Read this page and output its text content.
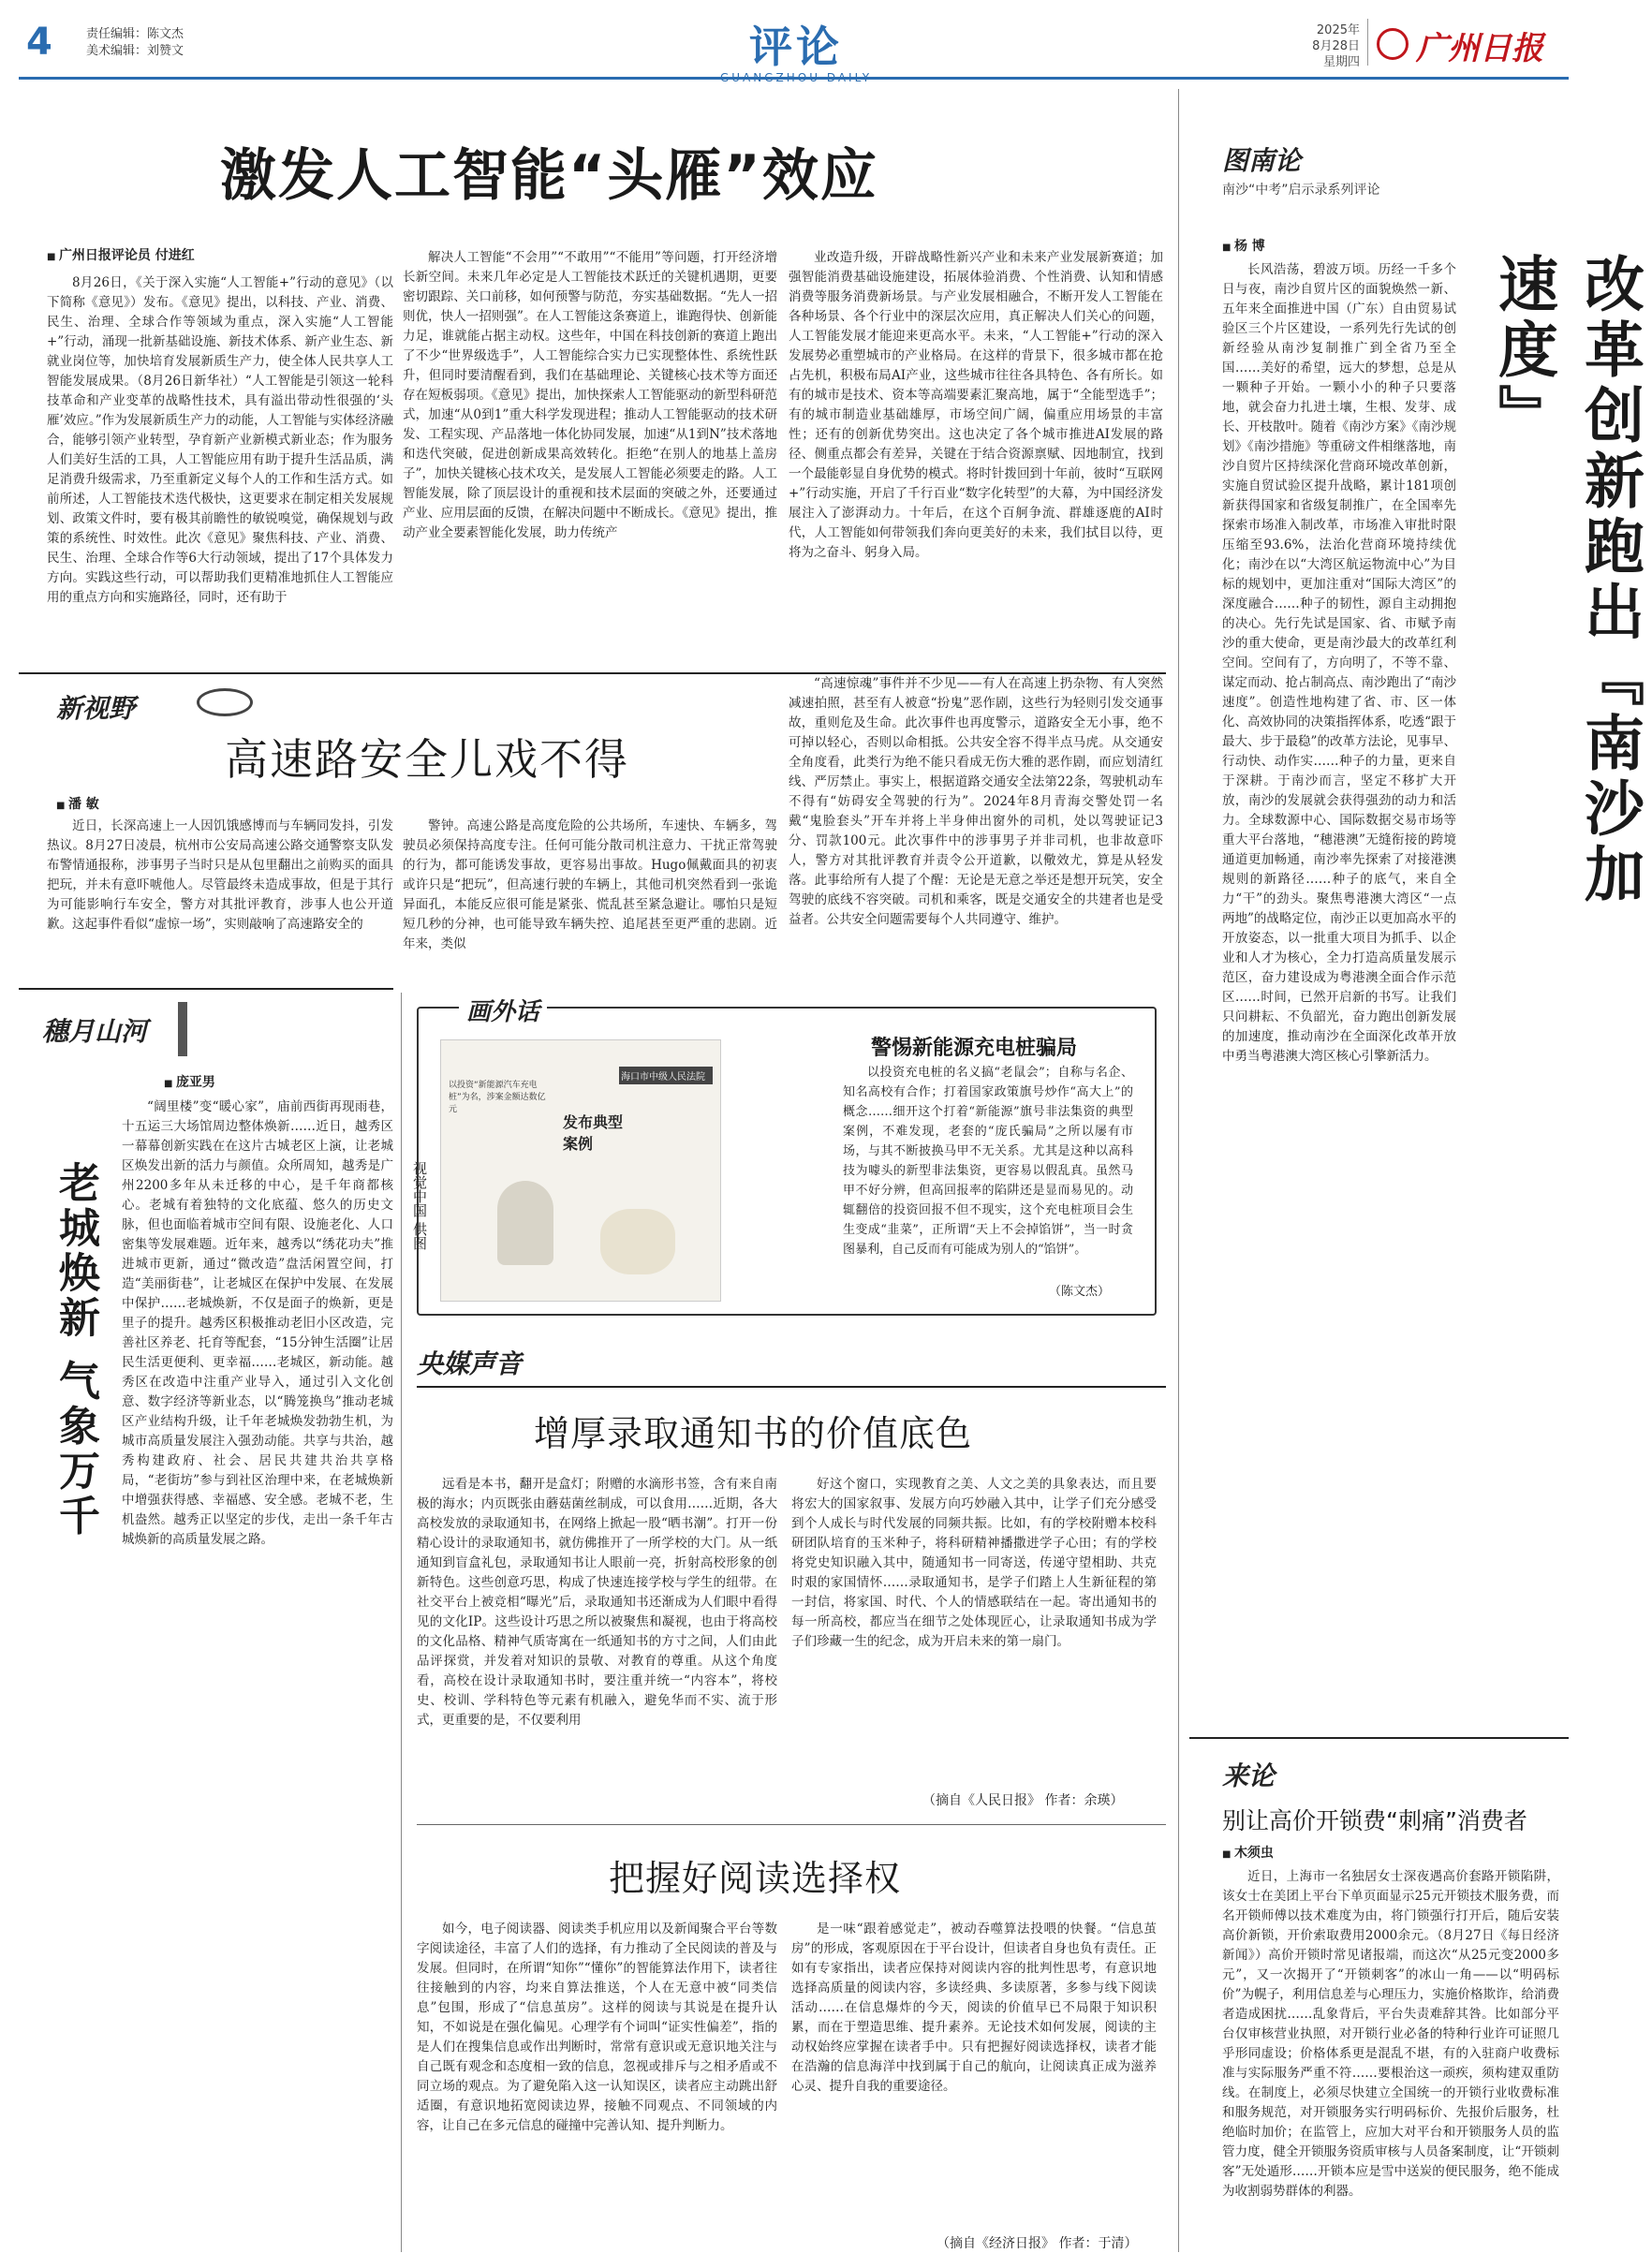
4	责任编辑：陈文杰
美术编辑：刘赞文	评论	2025年
8月28日
星期四 广州日报
激发人工智能“头雁”效应
■ 广州日报评论员 付进红
8月26日，《关于深入实施“人工智能+”行动的意见》（以下简称《意见》）发布。《意见》提出，以科技、产业、消费、民生、治理、全球合作等领域为重点，深入实施“人工智能+”行动，涌现一批新基础设施、新技术体系、新产业生态、新就业岗位等，加快培育发展新质生产力，使全体人民共享人工智能发展成果。（8月26日新华社）“人工智能是引领这一轮科技革命和产业变革的战略性技术，具有溢出带动性很强的‘头雁’效应。”作为发展新质生产力的动能，人工智能与实体经济融合，能够引领产业转型，孕育新产业新模式新业态；作为服务人们美好生活的工具，人工智能应用有助于提升生活品质，满足消费升级需求，乃至重新定义每个人的工作和生活方式。如前所述，人工智能技术迭代极快，这更要求在制定相关发展规划、政策文件时，要有极其前瞻性的敏锐嗅觉，确保规划与政策的系统性、时效性。此次《意见》聚焦科技、产业、消费、民生、治理、全球合作等6大行动领域，提出了17个具体发力方向。实践这些行动，可以帮助我们更精准地抓住人工智能应用的重点方向和实施路径，同时，还有助于
解决人工智能“不会用”“不敢用”“不能用”等问题，打开经济增长新空间。未来几年必定是人工智能技术跃迁的关键机遇期，更要密切跟踪、关口前移，如何预警与防范，夯实基础数据。“先人一招则优，快人一招则强”。在人工智能这条赛道上，谁跑得快、创新能力足，谁就能占据主动权。这些年，中国在科技创新的赛道上跑出了不少“世界级选手”，人工智能综合实力已实现整体性、系统性跃升，但同时要清醒看到，我们在基础理论、关键核心技术等方面还存在短板弱项。《意见》提出，加快探索人工智能驱动的新型科研范式，加速“从0到1”重大科学发现进程；推动人工智能驱动的技术研发、工程实现、产品落地一体化协同发展，加速“从1到N”技术落地和迭代突破，促进创新成果高效转化。拒绝“在别人的地基上盖房子”，加快关键核心技术攻关，是发展人工智能必须要走的路。人工智能发展，除了顶层设计的重视和技术层面的突破之外，还要通过产业、应用层面的反馈，在解决问题中不断成长。《意见》提出，推动产业全要素智能化发展，助力传统产
业改造升级，开辟战略性新兴产业和未来产业发展新赛道；加强智能消费基础设施建设，拓展体验消费、个性消费、认知和情感消费等服务消费新场景。与产业发展相融合，不断开发人工智能在各种场景、各个行业中的深层次应用，真正解决人们关心的问题，人工智能发展才能迎来更高水平。未来，“人工智能+”行动的深入发展势必重塑城市的产业格局。在这样的背景下，很多城市都在抢占先机，积极布局AI产业，这些城市往往各具特色、各有所长。如有的城市是技术、资本等高端要素汇聚高地，属于“全能型选手”；有的城市制造业基础雄厚，市场空间广阔，偏重应用场景的丰富性；还有的创新优势突出。这也决定了各个城市推进AI发展的路径、侧重点都会有差异，关键在于结合资源禀赋、因地制宜，找到一个最能彰显自身优势的模式。将时针拨回到十年前，彼时“互联网+”行动实施，开启了千行百业“数字化转型”的大幕，为中国经济发展注入了澎湃动力。十年后，在这个百舸争流、群雄逐鹿的AI时代，人工智能如何带领我们奔向更美好的未来，我们拭目以待，更将为之奋斗、躬身入局。
图南论
南沙“中考”启示录系列评论
■ 杨 博
长风浩荡，碧波万顷。历经一千多个日与夜，南沙自贸片区的面貌焕然一新、五年来全面推进中国（广东）自由贸易试验区三个片区建设，一系列先行先试的创新经验从南沙复制推广到全省乃至全国……美好的希望，远大的梦想，总是从一颗种子开始。一颗小小的种子只要落地，就会奋力扎进土壤，生根、发芽、成长、开枝散叶。随着《南沙方案》《南沙规划》《南沙措施》等重磅文件相继落地，南沙自贸片区持续深化营商环境改革创新，实施自贸试验区提升战略，累计181项创新获得国家和省级复制推广，在全国率先探索市场准入制改革，市场准入审批时限压缩至93.6%，法治化营商环境持续优化；南沙在以“大湾区航运物流中心”为目标的规划中，更加注重对“国际大湾区”的深度融合……种子的韧性，源自主动拥抱的决心。先行先试是国家、省、市赋予南沙的重大使命，更是南沙最大的改革红利空间。空间有了，方向明了，不等不靠、谋定而动、抢占制高点、南沙跑出了“南沙速度”。创造性地构建了省、市、区一体化、高效协同的决策指挥体系，吃透“跟于最大、步于最稳”的改革方法论，见事早、行动快、动作实……种子的力量，更来自于深耕。于南沙而言，坚定不移扩大开放，南沙的发展就会获得强劲的动力和活力。全球数源中心、国际数据交易市场等重大平台落地，“穗港澳”无缝衔接的跨境通道更加畅通，南沙率先探索了对接港澳规则的新路径……种子的底气，来自全力“干”的劲头。聚焦粤港澳大湾区“一点两地”的战略定位，南沙正以更加高水平的开放姿态，以一批重大项目为抓手、以企业和人才为核心，全力打造高质量发展示范区，奋力建设成为粤港澳全面合作示范区……时间，已然开启新的书写。让我们只问耕耘、不负韶光，奋力跑出创新发展的加速度，推动南沙在全面深化改革开放中勇当粤港澳大湾区核心引擎新活力。
改革创新跑出『南沙加速度』
新视野
高速路安全儿戏不得
■ 潘 敏
近日，长深高速上一人因饥饿感博而与车辆同发抖，引发热议。8月27日凌晨，杭州市公安局高速公路交通警察支队发布警情通报称，涉事男子当时只是从包里翻出之前购买的面具把玩，并未有意吓唬他人。尽管最终未造成事故，但是于其行为可能影响行车安全，警方对其批评教育，涉事人也公开道歉。这起事件看似“虚惊一场”，实则敲响了高速路安全的
警钟。高速公路是高度危险的公共场所，车速快、车辆多，驾驶员必须保持高度专注。任何可能分散司机注意力、干扰正常驾驶的行为，都可能诱发事故，更容易出事故。Hugo佩戴面具的初衷或许只是“把玩”，但高速行驶的车辆上，其他司机突然看到一张诡异面孔，本能反应很可能是紧张、慌乱甚至紧急避让。哪怕只是短短几秒的分神，也可能导致车辆失控、追尾甚至更严重的悲剧。近年来，类似
“高速惊魂”事件并不少见——有人在高速上扔杂物、有人突然减速拍照，甚至有人被意“扮鬼”恶作剧，这些行为轻则引发交通事故，重则危及生命。此次事件也再度警示，道路安全无小事，绝不可掉以轻心，否则以命相抵。公共安全容不得半点马虎。从交通安全角度看，此类行为绝不能只看成无伤大雅的恶作剧，而应划清红线、严厉禁止。事实上，根据道路交通安全法第22条，驾驶机动车不得有“妨碍安全驾驶的行为”。2024年8月青海交警处罚一名戴“鬼脸套头”开车并将上半身伸出窗外的司机，处以驾驶证记3分、罚款100元。此次事件中的涉事男子并非司机，也非故意吓人，警方对其批评教育并责令公开道歉，以儆效尤，算是从轻发落。此事给所有人提了个醒：无论是无意之举还是想开玩笑，安全驾驶的底线不容突破。司机和乘客，既是交通安全的共建者也是受益者。公共安全问题需要每个人共同遵守、维护。
穗月山河
■ 庞亚男
老城焕新 气象万千
“阔里楼”变“暖心家”，庙前西街再现雨巷，十五运三大场馆周边整体焕新……近日，越秀区一幕幕创新实践在在这片古城老区上演，让老城区焕发出新的活力与颜值。众所周知，越秀是广州2200多年从未迁移的中心，是千年商都核心。老城有着独特的文化底蕴、悠久的历史文脉，但也面临着城市空间有限、设施老化、人口密集等发展难题。近年来，越秀以“绣花功夫”推进城市更新，通过“微改造”盘活闲置空间，打造“美丽街巷”，让老城区在保护中发展、在发展中保护……老城焕新，不仅是面子的焕新，更是里子的提升。越秀区积极推动老旧小区改造，完善社区养老、托育等配套，“15分钟生活圈”让居民生活更便利、更幸福……老城区，新动能。越秀区在改造中注重产业导入，通过引入文化创意、数字经济等新业态，以“腾笼换鸟”推动老城区产业结构升级，让千年老城焕发勃勃生机，为城市高质量发展注入强劲动能。共享与共治，越秀构建政府、社会、居民共建共治共享格局，“老街坊”参与到社区治理中来，在老城焕新中增强获得感、幸福感、安全感。老城不老，生机盎然。越秀正以坚定的步伐，走出一条千年古城焕新的高质量发展之路。
画外话
以投资“新能源汽车充电桩”为名，涉案金额达数亿元
发布典型案例
海口市中级人民法院
视觉中国 供图
警惕新能源充电桩骗局
以投资充电桩的名义搞“老鼠会”；自称与名企、知名高校有合作；打着国家政策旗号炒作“高大上”的概念……细开这个打着“新能源”旗号非法集资的典型案例，不难发现，老套的“庞氏骗局”之所以屡有市场，与其不断披换马甲不无关系。尤其是这种以高科技为噱头的新型非法集资，更容易以假乱真。虽然马甲不好分辨，但高回报率的陷阱还是显而易见的。动辄翻倍的投资回报不但不现实，这个充电桩项目会生生变成“韭菜”，正所谓“天上不会掉馅饼”，当一时贪图暴利，自己反而有可能成为别人的“馅饼”。
（陈文杰）
央媒声音
增厚录取通知书的价值底色
远看是本书，翻开是盒灯；附赠的水滴形书签，含有来自南极的海水；内页既张由蘑菇菌丝制成，可以食用……近期，各大高校发放的录取通知书，在网络上掀起一股“晒书潮”。打开一份精心设计的录取通知书，就仿佛推开了一所学校的大门。从一纸通知到盲盒礼包，录取通知书让人眼前一亮，折射高校形象的创新特色。这些创意巧思，构成了快速连接学校与学生的纽带。在社交平台上被竞相“曝光”后，录取通知书还渐成为人们眼中看得见的文化IP。这些设计巧思之所以被聚焦和凝视，也由于将高校的文化品格、精神气质寄寓在一纸通知书的方寸之间，人们由此品评探赏，并发着对知识的景敬、对教育的尊重。从这个角度看，高校在设计录取通知书时，要注重并统一“内容本”，将校史、校训、学科特色等元素有机融入，避免华而不实、流于形式，更重要的是，不仅要利用
好这个窗口，实现教育之美、人文之美的具象表达，而且要将宏大的国家叙事、发展方向巧妙融入其中，让学子们充分感受到个人成长与时代发展的同频共振。比如，有的学校附赠本校科研团队培育的玉米种子，将科研精神播撒进学子心田；有的学校将党史知识融入其中，随通知书一同寄送，传递守望相助、共克时艰的家国情怀……录取通知书，是学子们踏上人生新征程的第一封信，将家国、时代、个人的情感联结在一起。寄出通知书的每一所高校，都应当在细节之处体现匠心，让录取通知书成为学子们珍藏一生的纪念，成为开启未来的第一扇门。
（摘自《人民日报》 作者：余瑛）
把握好阅读选择权
如今，电子阅读器、阅读类手机应用以及新闻聚合平台等数字阅读途径，丰富了人们的选择，有力推动了全民阅读的普及与发展。但同时，在所谓“知你”“懂你”的智能算法作用下，读者往往接触到的内容，均来自算法推送，个人在无意中被“同类信息”包围，形成了“信息茧房”。这样的阅读与其说是在提升认知，不如说是在强化偏见。心理学有个词叫“证实性偏差”，指的是人们在搜集信息或作出判断时，常常有意识或无意识地关注与自己既有观念和态度相一致的信息，忽视或排斥与之相矛盾或不同立场的观点。为了避免陷入这一认知误区，读者应主动跳出舒适圈，有意识地拓宽阅读边界，接触不同观点、不同领域的内容，让自己在多元信息的碰撞中完善认知、提升判断力。
是一味“跟着感觉走”，被动吞噬算法投喂的快餐。“信息茧房”的形成，客观原因在于平台设计，但读者自身也负有责任。正如有专家指出，读者应保持对阅读内容的批判性思考，有意识地选择高质量的阅读内容，多读经典、多读原著，多参与线下阅读活动……在信息爆炸的今天，阅读的价值早已不局限于知识积累，而在于塑造思维、提升素养。无论技术如何发展，阅读的主动权始终应掌握在读者手中。只有把握好阅读选择权，读者才能在浩瀚的信息海洋中找到属于自己的航向，让阅读真正成为滋养心灵、提升自我的重要途径。
（摘自《经济日报》 作者：于清）
来论
别让高价开锁费“刺痛”消费者
■ 木须虫
近日，上海市一名独居女士深夜遇高价套路开锁陷阱，该女士在美团上平台下单页面显示25元开锁技术服务费，而名开锁师傅以技术难度为由，将门锁强行打开后，随后安装高价新锁，开价索取费用2000余元。（8月27日《每日经济新闻》）高价开锁时常见诸报端，而这次“从25元变2000多元”，又一次揭开了“开锁刺客”的冰山一角——以“明码标价”为幌子，利用信息差与心理压力，实施价格欺诈，给消费者造成困扰……乱象背后，平台失责难辞其咎。比如部分平台仅审核营业执照，对开锁行业必备的特种行业许可证照几乎形同虚设；价格体系更是混乱不堪，有的入驻商户收费标准与实际服务严重不符……要根治这一顽疾，须构建双重防线。在制度上，必须尽快建立全国统一的开锁行业收费标准和服务规范，对开锁服务实行明码标价、先报价后服务，杜绝临时加价；在监管上，应加大对平台和开锁服务人员的监管力度，健全开锁服务资质审核与人员备案制度，让“开锁刺客”无处遁形……开锁本应是雪中送炭的便民服务，绝不能成为收割弱势群体的利器。
